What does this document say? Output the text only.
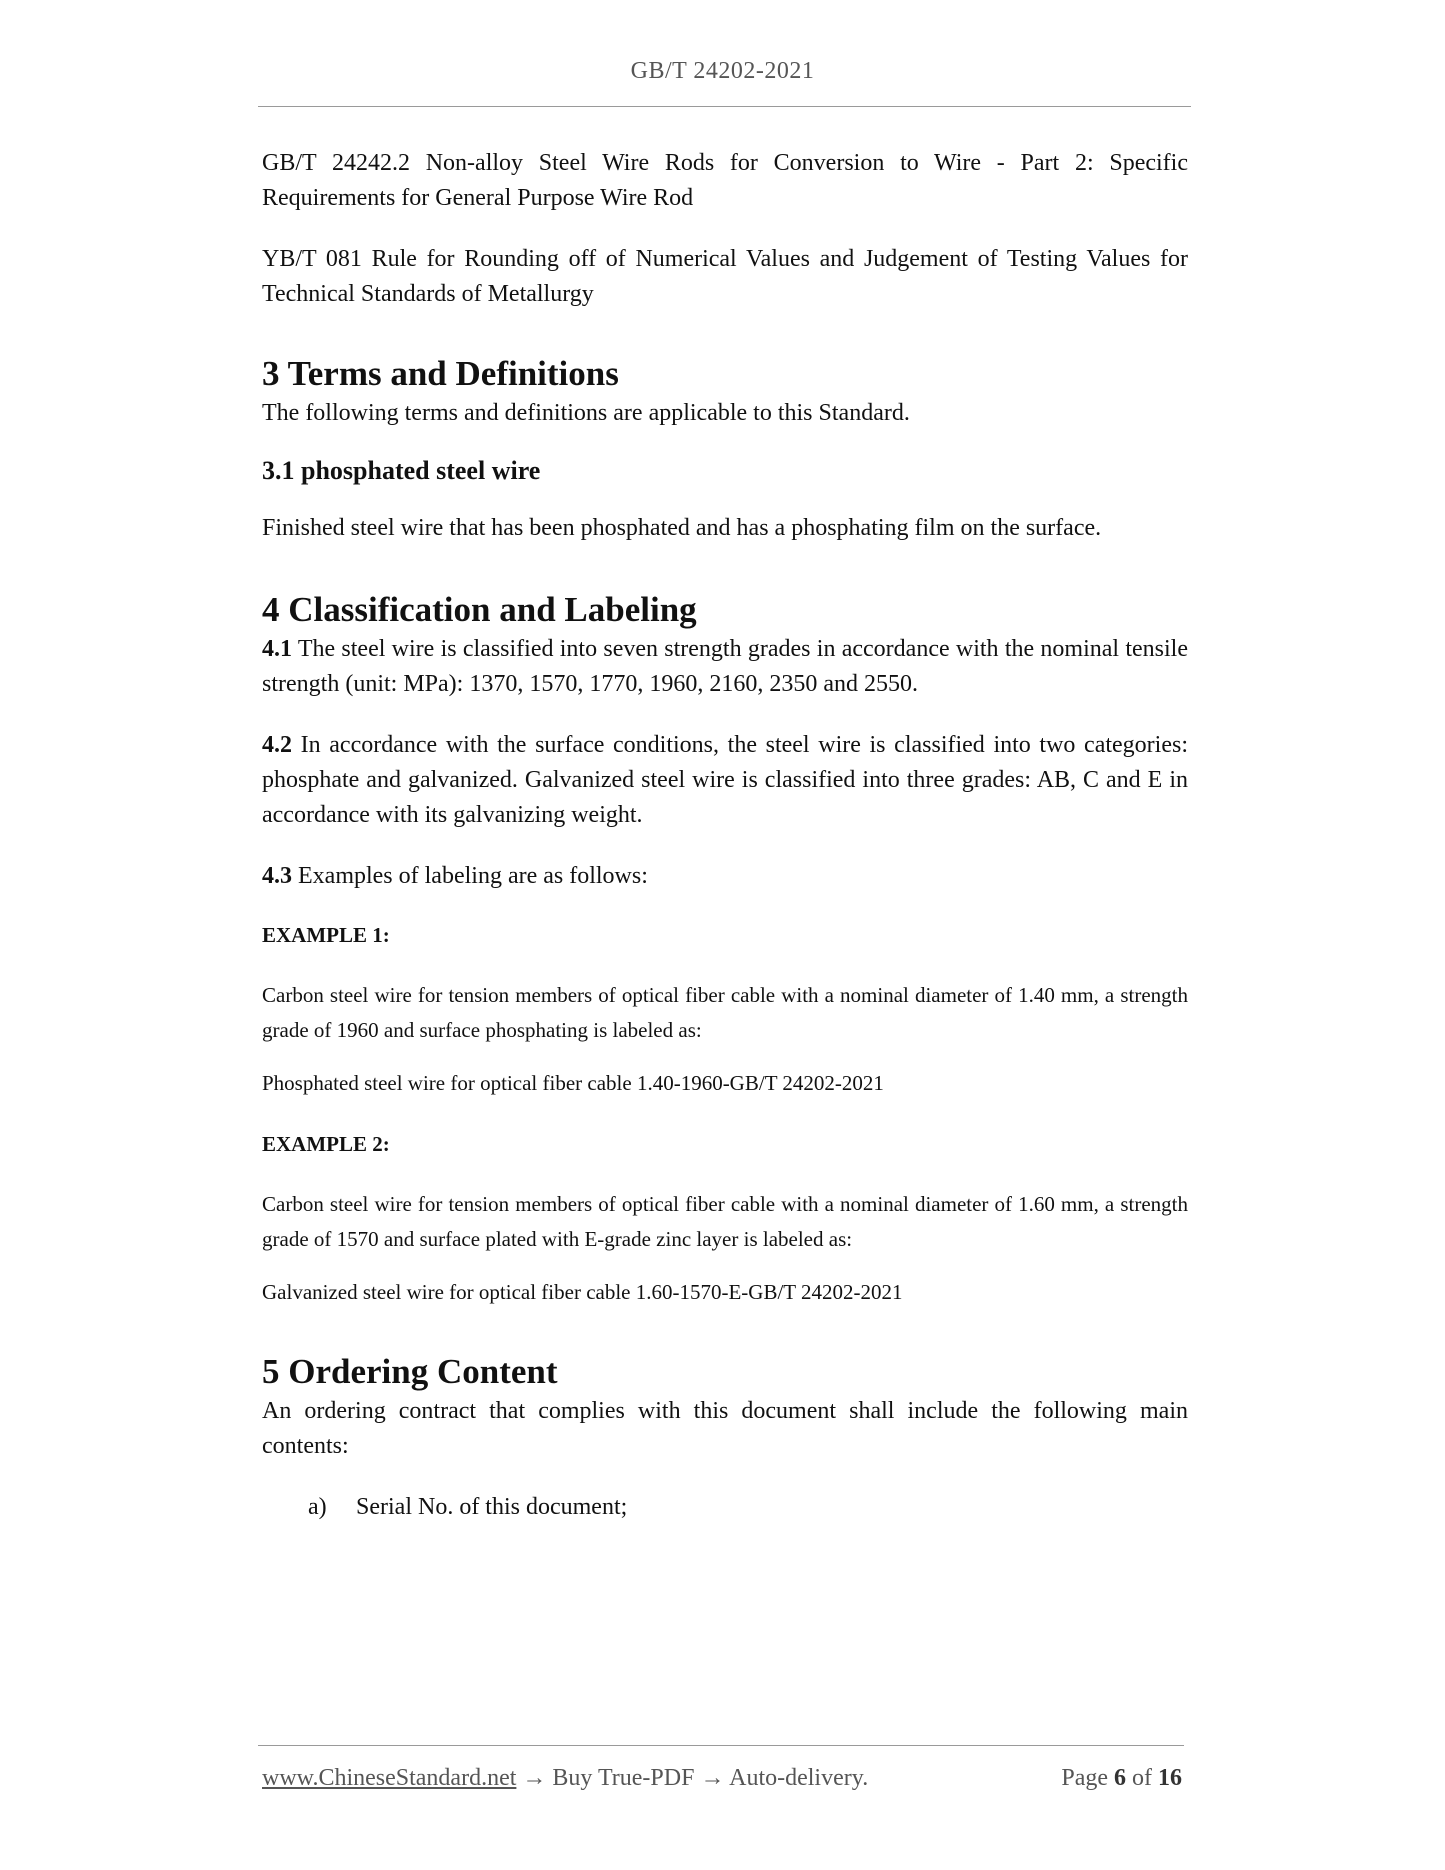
GB/T 24202-2021

GB/T 24242.2 Non-alloy Steel Wire Rods for Conversion to Wire - Part 2: Specific Requirements for General Purpose Wire Rod

YB/T 081 Rule for Rounding off of Numerical Values and Judgement of Testing Values for Technical Standards of Metallurgy

3 Terms and Definitions

The following terms and definitions are applicable to this Standard.

3.1 phosphated steel wire

Finished steel wire that has been phosphated and has a phosphating film on the surface.

4 Classification and Labeling

4.1 The steel wire is classified into seven strength grades in accordance with the nominal tensile strength (unit: MPa): 1370, 1570, 1770, 1960, 2160, 2350 and 2550.

4.2 In accordance with the surface conditions, the steel wire is classified into two categories: phosphate and galvanized. Galvanized steel wire is classified into three grades: AB, C and E in accordance with its galvanizing weight.

4.3 Examples of labeling are as follows:

EXAMPLE 1:

Carbon steel wire for tension members of optical fiber cable with a nominal diameter of 1.40 mm, a strength grade of 1960 and surface phosphating is labeled as:

Phosphated steel wire for optical fiber cable 1.40-1960-GB/T 24202-2021

EXAMPLE 2:

Carbon steel wire for tension members of optical fiber cable with a nominal diameter of 1.60 mm, a strength grade of 1570 and surface plated with E-grade zinc layer is labeled as:

Galvanized steel wire for optical fiber cable 1.60-1570-E-GB/T 24202-2021

5 Ordering Content

An ordering contract that complies with this document shall include the following main contents:

a)	Serial No. of this document;
www.ChineseStandard.net → Buy True-PDF → Auto-delivery.	Page 6 of 16
